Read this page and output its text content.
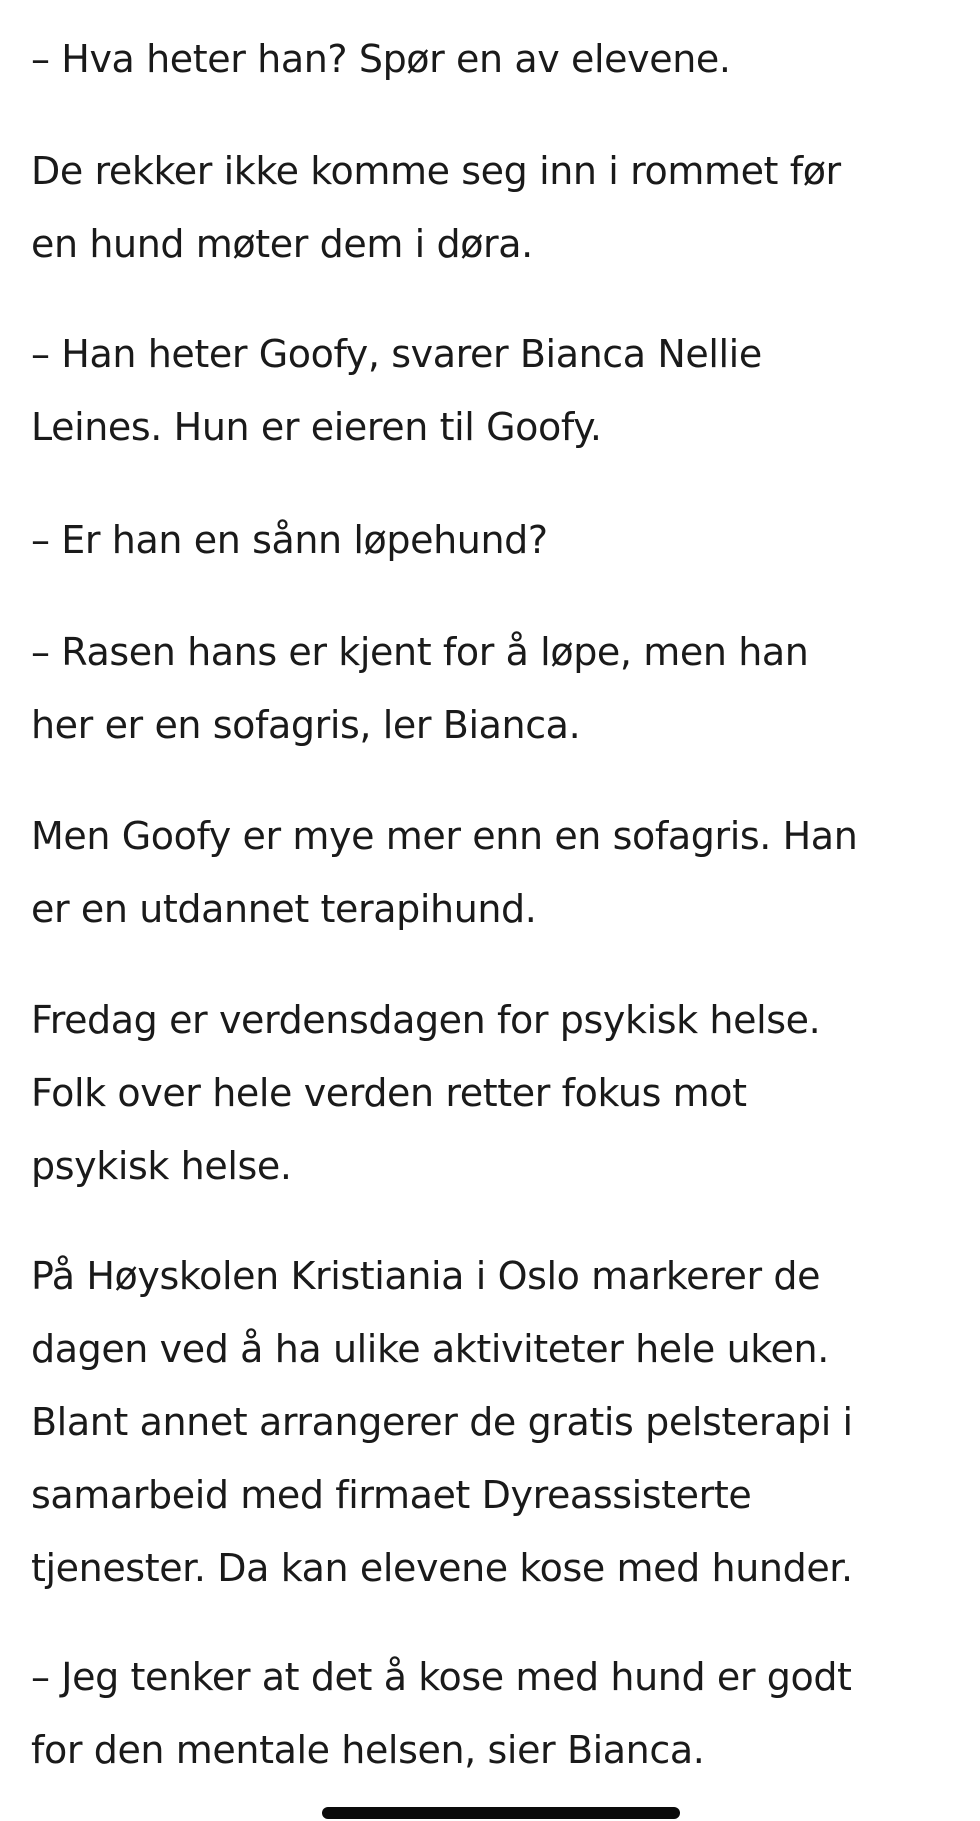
– Hva heter han? Spør en av elevene.

De rekker ikke komme seg inn i rommet før
en hund møter dem i døra.

– Han heter Goofy, svarer Bianca Nellie
Leines. Hun er eieren til Goofy.

– Er han en sånn løpehund?

– Rasen hans er kjent for å løpe, men han
her er en sofagris, ler Bianca.

Men Goofy er mye mer enn en sofagris. Han
er en utdannet terapihund.

Fredag er verdensdagen for psykisk helse.
Folk over hele verden retter fokus mot
psykisk helse.

På Høyskolen Kristiania i Oslo markerer de
dagen ved å ha ulike aktiviteter hele uken.
Blant annet arrangerer de gratis pelsterapi i
samarbeid med firmaet Dyreassisterte
tjenester. Da kan elevene kose med hunder.

– Jeg tenker at det å kose med hund er godt
for den mentale helsen, sier Bianca.
